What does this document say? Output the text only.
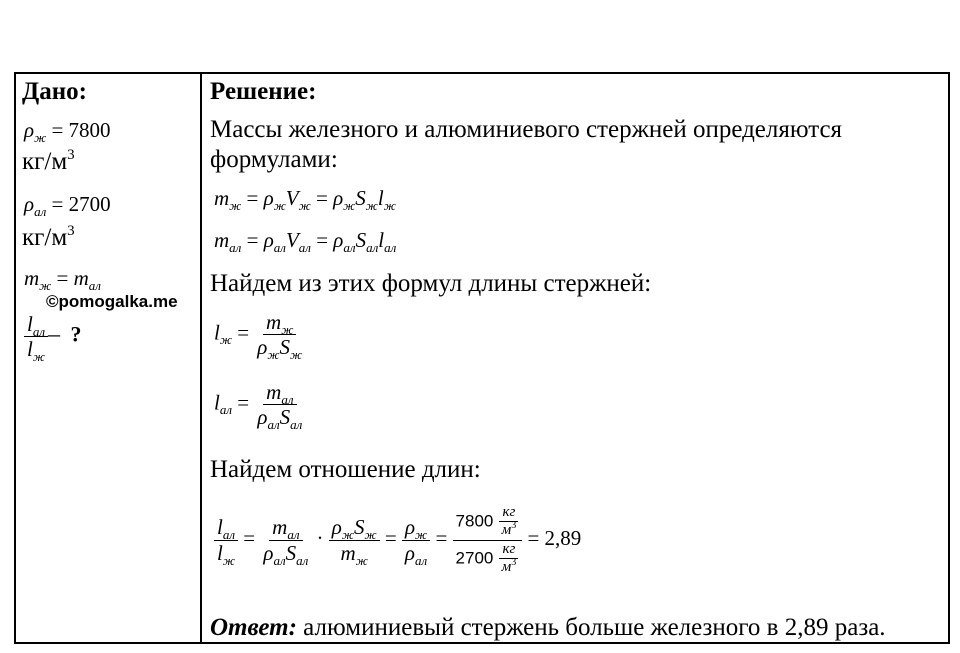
Дано:
$\rho_ж = 7800$
$кг/м^3$
$\rho_{ал} = 2700$
$кг/м^3$
$m_ж = m_{ал}$
©pomogalka.me
$\frac{l_{ал}}{l_ж}$ – ?
Решение:
Массы железного и алюминиевого стержней определяются
формулами:
$m_ж = \rho_жV_ж = \rho_жS_жl_ж$
$m_{ал} = \rho_{ал}V_{ал} = \rho_{ал}S_{ал}l_{ал}$
Найдем из этих формул длины стержней:
$l_ж = \frac{m_ж}{\rho_жS_ж}$
$l_{ал} = \frac{m_{ал}}{\rho_{ал}S_{ал}}$
Найдем отношение длин:
$\frac{l_{ал}}{l_ж} = \frac{m_{ал}}{\rho_{ал}S_{ал}} \cdot \frac{\rho_жS_ж}{m_ж} = \frac{\rho_ж}{\rho_{ал}} = \frac{7800 \frac{кг}{м^3}}{2700 \frac{кг}{м^3}} = 2,89$
Ответ: алюминиевый стержень больше железного в 2,89 раза.
